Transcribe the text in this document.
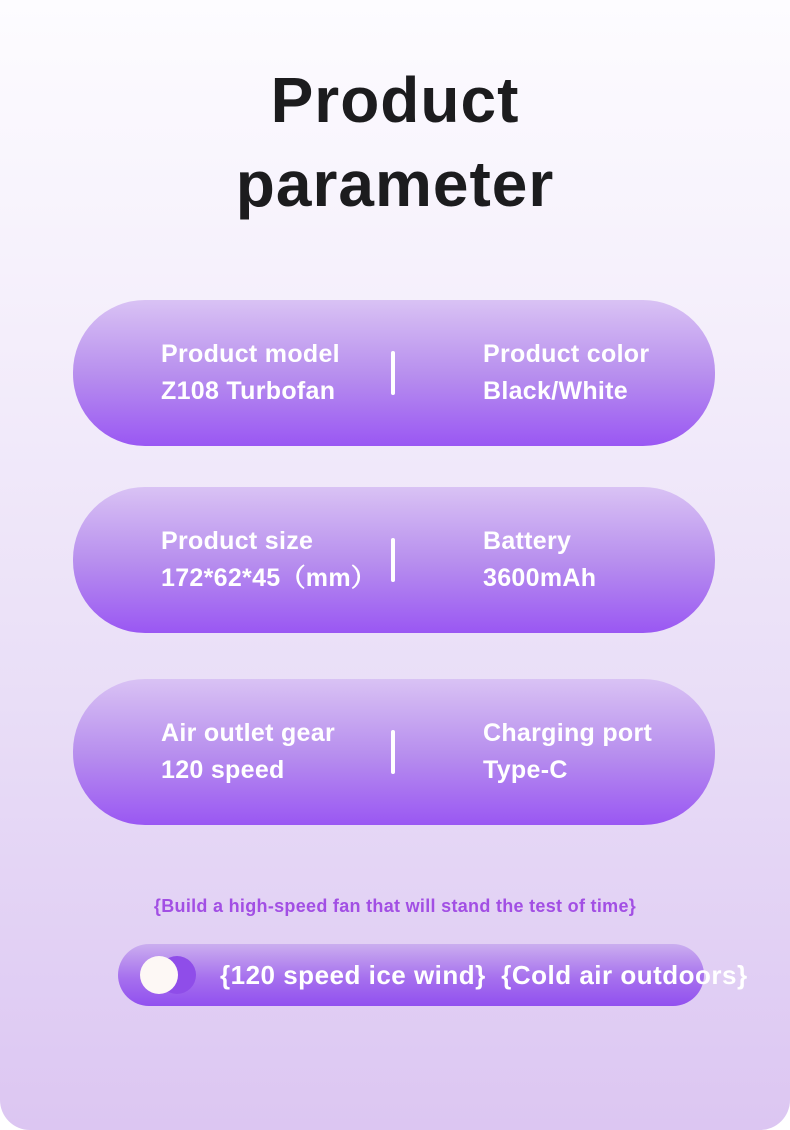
Product
parameter
Product model
Z108 Turbofan
Product color
Black/White
Product size
172*62*45（mm）
Battery
3600mAh
Air outlet gear
120 speed
Charging port
Type-C
{Build a high-speed fan that will stand the test of time}
{120 speed ice wind}  {Cold air outdoors}
